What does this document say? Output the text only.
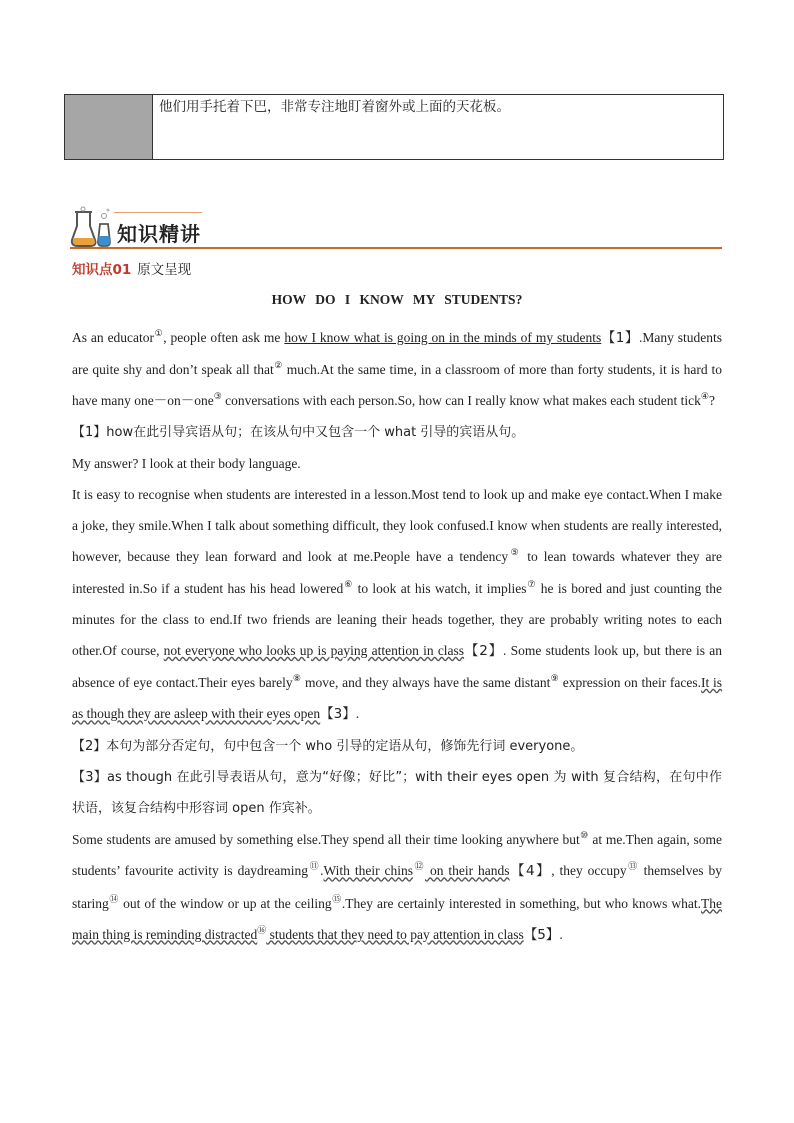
他们用手托着下巴，非常专注地盯着窗外或上面的天花板。
知识精讲
知识点01 原文呈现
HOW DO I KNOW MY STUDENTS?

As an educator①, people often ask me how I know what is going on in the minds of my students【1】.Many students are quite shy and don’t speak all that② much.At the same time, in a classroom of more than forty students, it is hard to have many one－on－one③ conversations with each person.So, how can I really know what makes each student tick④?

【1】how在此引导宾语从句；在该从句中又包含一个 what 引导的宾语从句。

My answer? I look at their body language.

It is easy to recognise when students are interested in a lesson.Most tend to look up and make eye contact.When I make a joke, they smile.When I talk about something difficult, they look confused.I know when students are really interested, however, because they lean forward and look at me.People have a tendency⑤ to lean towards whatever they are interested in.So if a student has his head lowered⑥ to look at his watch, it implies⑦ he is bored and just counting the minutes for the class to end.If two friends are leaning their heads together, they are probably writing notes to each other.Of course, not everyone who looks up is paying attention in class【2】. Some students look up, but there is an absence of eye contact.Their eyes barely⑧ move, and they always have the same distant⑨ expression on their faces.It is as though they are asleep with their eyes open【3】.

【2】本句为部分否定句，句中包含一个 who 引导的定语从句，修饰先行词 everyone。

【3】as though 在此引导表语从句，意为“好像；好比”；with their eyes open 为 with 复合结构，在句中作状语，该复合结构中形容词 open 作宾补。

Some students are amused by something else.They spend all their time looking anywhere but⑩ at me.Then again, some students’ favourite activity is daydreaming⑪.With their chins⑫ on their hands【4】, they occupy⑬ themselves by staring⑭ out of the window or up at the ceiling⑮.They are certainly interested in something, but who knows what.The main thing is reminding distracted⑯ students that they need to pay attention in class【5】.
